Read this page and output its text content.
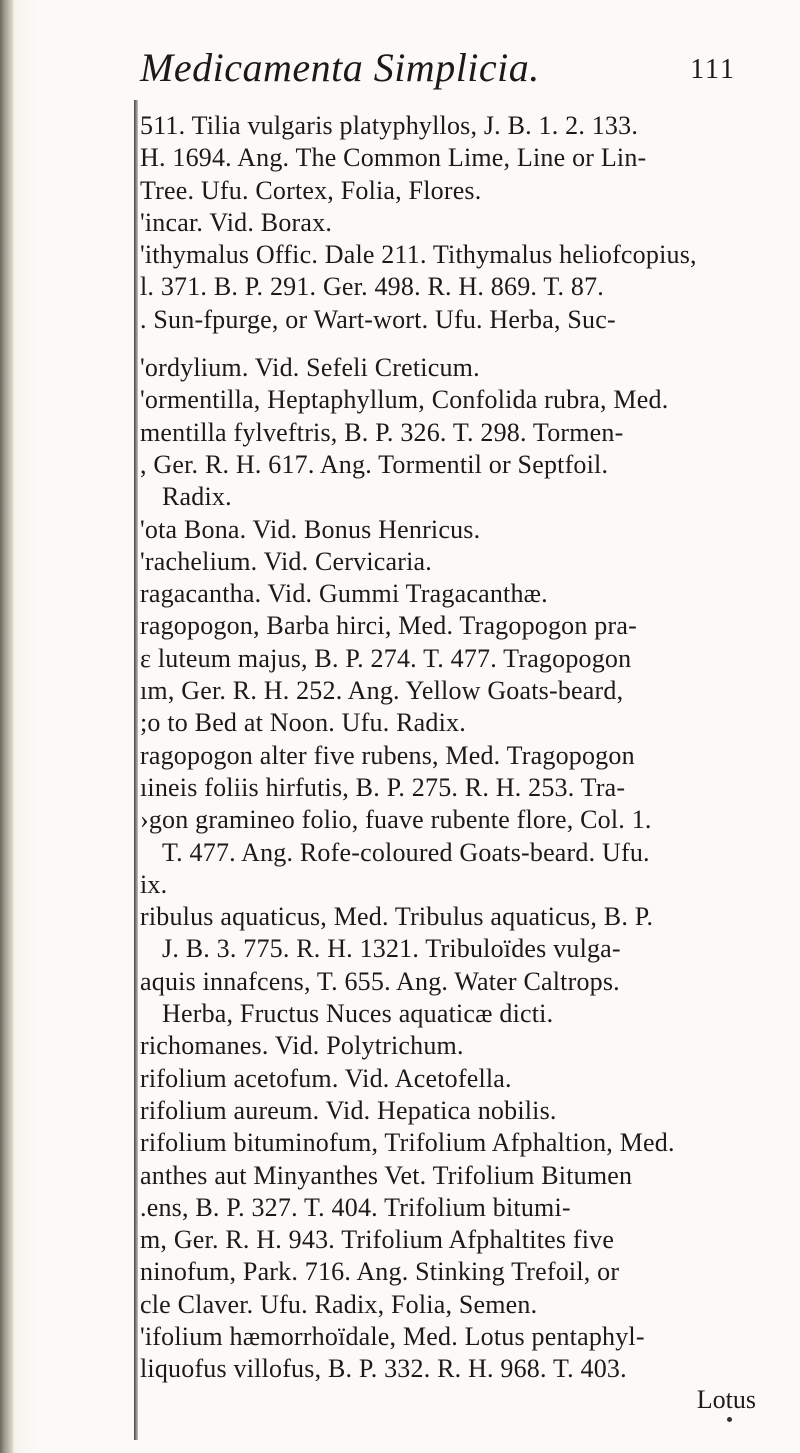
Medicamenta Simplicia.	111
511. Tilia vulgaris platyphyllos, J. B. 1. 2. 133.
H. 1694. Ang. The Common Lime, Line or Lin-
Tree. Ufu. Cortex, Folia, Flores.
'incar. Vid. Borax.
'ithymalus Offic. Dale 211. Tithymalus heliofcopius,
l. 371. B. P. 291. Ger. 498. R. H. 869. T. 87.
. Sun-fpurge, or Wart-wort. Ufu. Herba, Suc-
'ordylium. Vid. Sefeli Creticum.
'ormentilla, Heptaphyllum, Confolida rubra, Med.
mentilla fylveftris, B. P. 326. T. 298. Tormen-
, Ger. R. H. 617. Ang. Tormentil or Septfoil.
Radix.
'ota Bona. Vid. Bonus Henricus.
'rachelium. Vid. Cervicaria.
ragacantha. Vid. Gummi Tragacanthæ.
ragopogon, Barba hirci, Med. Tragopogon pra-
ε luteum majus, B. P. 274. T. 477. Tragopogon
ım, Ger. R. H. 252. Ang. Yellow Goats-beard,
;o to Bed at Noon. Ufu. Radix.
ragopogon alter five rubens, Med. Tragopogon
ıineis foliis hirfutis, B. P. 275. R. H. 253. Tra-
›gon gramineo folio, fuave rubente flore, Col. 1.
T. 477. Ang. Rofe-coloured Goats-beard. Ufu.
ix.
ribulus aquaticus, Med. Tribulus aquaticus, B. P.
J. B. 3. 775. R. H. 1321. Tribuloïdes vulga-
aquis innafcens, T. 655. Ang. Water Caltrops.
Herba, Fructus Nuces aquaticæ dicti.
richomanes. Vid. Polytrichum.
rifolium acetofum. Vid. Acetofella.
rifolium aureum. Vid. Hepatica nobilis.
rifolium bituminofum, Trifolium Afphaltion, Med.
anthes aut Minyanthes Vet. Trifolium Bitumen
.ens, B. P. 327. T. 404. Trifolium bitumi-
m, Ger. R. H. 943. Trifolium Afphaltites five
ninofum, Park. 716. Ang. Stinking Trefoil, or
cle Claver. Ufu. Radix, Folia, Semen.
'ifolium hæmorrhoïdale, Med. Lotus pentaphyl-
liquofus villofus, B. P. 332. R. H. 968. T. 403.
Lotus
